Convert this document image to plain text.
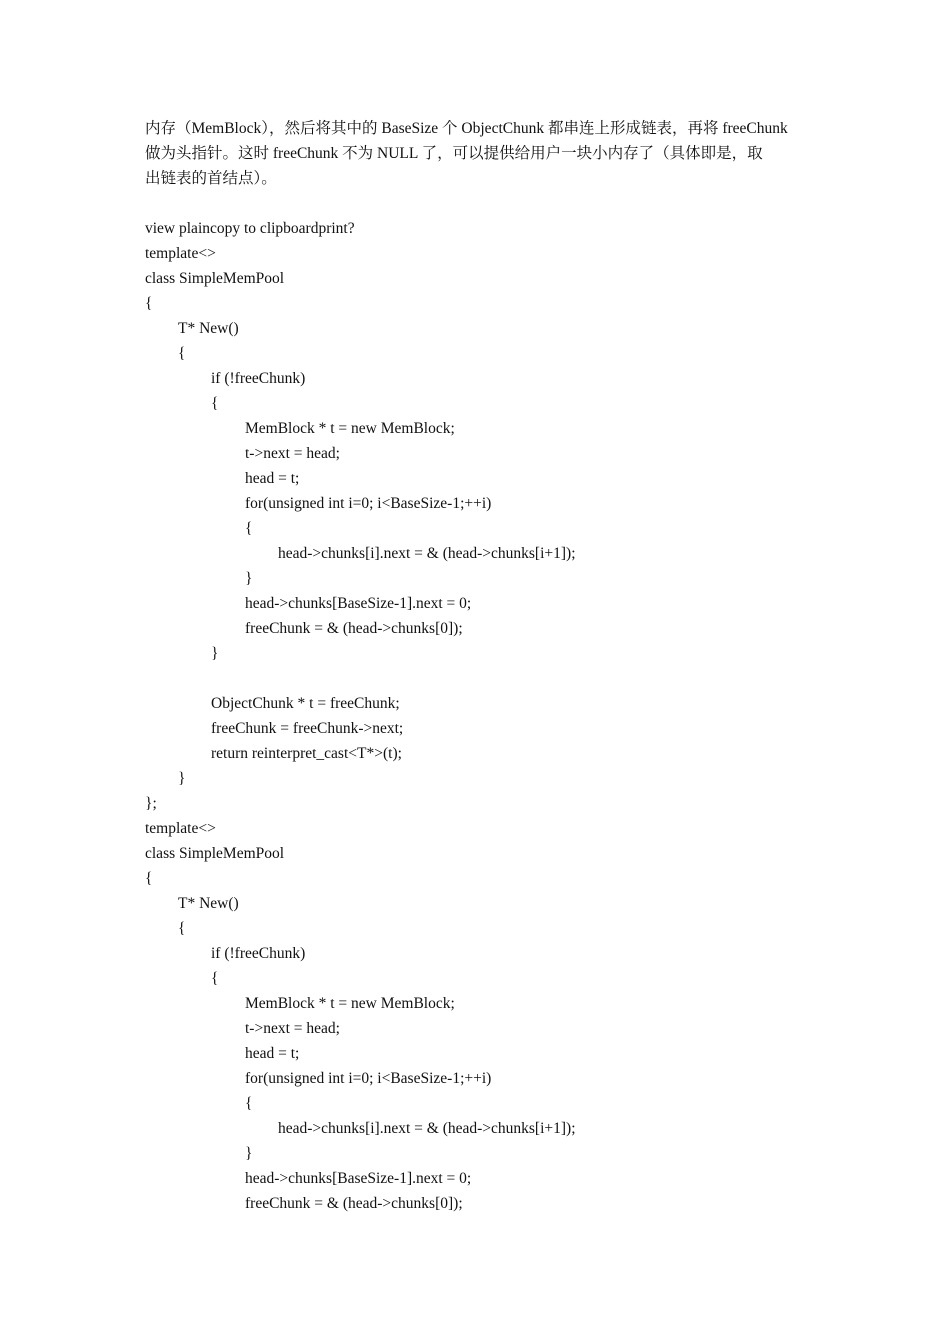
内存（MemBlock），然后将其中的 BaseSize 个 ObjectChunk 都串连上形成链表，再将 freeChunk
做为头指针。这时 freeChunk 不为 NULL 了，可以提供给用户一块小内存了（具体即是，取
出链表的首结点）。

view plaincopy to clipboardprint?
template<>
class SimpleMemPool
{
T* New()
{
if (!freeChunk)
{
MemBlock * t = new MemBlock;
t->next = head;
head = t;
for(unsigned int i=0; i<BaseSize-1;++i)
{
head->chunks[i].next = & (head->chunks[i+1]);
}
head->chunks[BaseSize-1].next = 0;
freeChunk = & (head->chunks[0]);
}
ObjectChunk * t = freeChunk;
freeChunk = freeChunk->next;
return reinterpret_cast<T*>(t);
}
};
template<>
class SimpleMemPool
{
T* New()
{
if (!freeChunk)
{
MemBlock * t = new MemBlock;
t->next = head;
head = t;
for(unsigned int i=0; i<BaseSize-1;++i)
{
head->chunks[i].next = & (head->chunks[i+1]);
}
head->chunks[BaseSize-1].next = 0;
freeChunk = & (head->chunks[0]);
